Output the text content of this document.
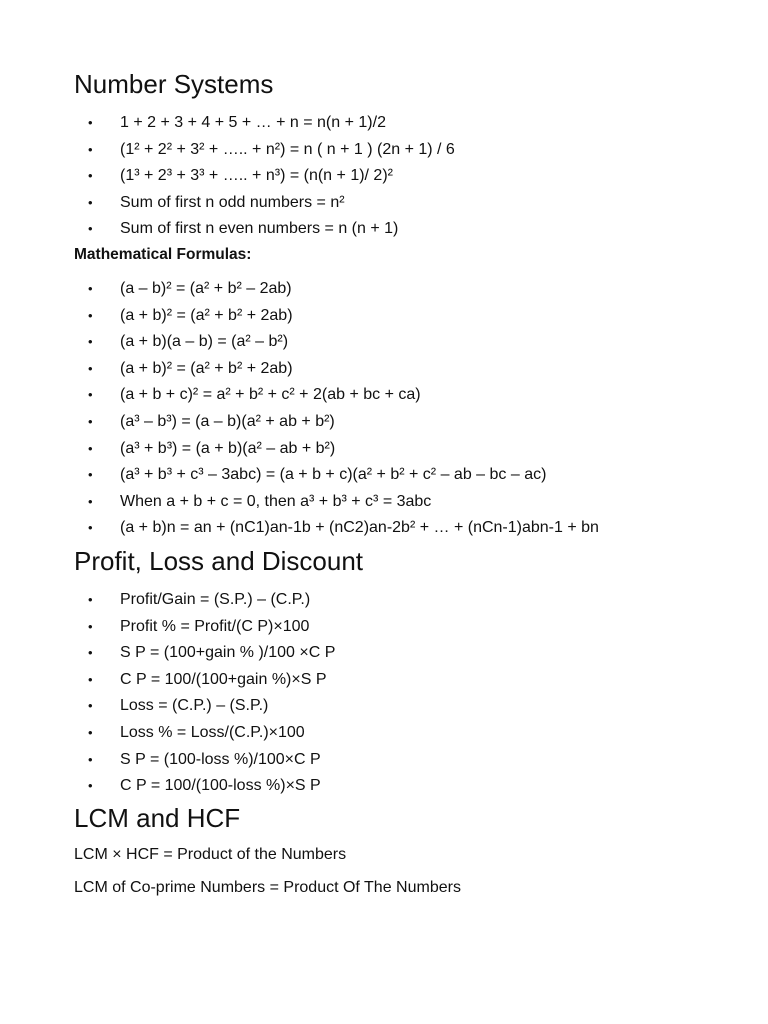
Number Systems
• 1 + 2 + 3 + 4 + 5 + … + n = n(n + 1)/2
• (1² + 2² + 3² + ….. + n²) = n ( n + 1 ) (2n + 1) / 6
• (1³ + 2³ + 3³ + ….. + n³) = (n(n + 1)/ 2)²
• Sum of first n odd numbers = n²
• Sum of first n even numbers = n (n + 1)
Mathematical Formulas:
• (a – b)² = (a² + b² – 2ab)
• (a + b)² = (a² + b² + 2ab)
• (a + b)(a – b) = (a² – b²)
• (a + b)² = (a² + b² + 2ab)
• (a + b + c)² = a² + b² + c² + 2(ab + bc + ca)
• (a³ – b³) = (a – b)(a² + ab + b²)
• (a³ + b³) = (a + b)(a² – ab + b²)
• (a³ + b³ + c³ – 3abc) = (a + b + c)(a² + b² + c² – ab – bc – ac)
• When a + b + c = 0, then a³ + b³ + c³ = 3abc
• (a + b)n = an + (nC1)an-1b + (nC2)an-2b² + … + (nCn-1)abn-1 + bn
Profit, Loss and Discount
• Profit/Gain = (S.P.) – (C.P.)
• Profit % = Profit/(C P)×100
• S P = (100+gain % )/100 ×C P
• C P = 100/(100+gain %)×S P
• Loss = (C.P.) – (S.P.)
• Loss % = Loss/(C.P.)×100
• S P = (100-loss %)/100×C P
• C P = 100/(100-loss %)×S P
LCM and HCF

LCM × HCF = Product of the Numbers

LCM of Co-prime Numbers = Product Of The Numbers
